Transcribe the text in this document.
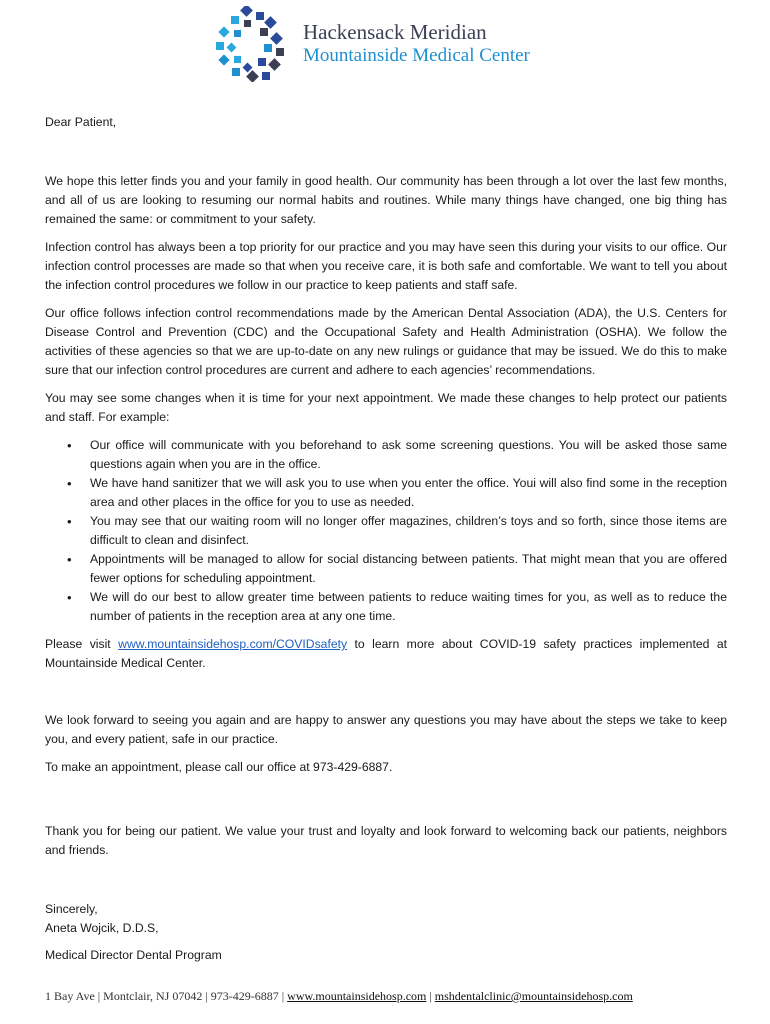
Hackensack Meridian
Mountainside Medical Center

Dear Patient,

We hope this letter finds you and your family in good health. Our community has been through a lot over the last few months, and all of us are looking to resuming our normal habits and routines. While many things have changed, one big thing has remained the same: or commitment to your safety.

Infection control has always been a top priority for our practice and you may have seen this during your visits to our office. Our infection control processes are made so that when you receive care, it is both safe and comfortable. We want to tell you about the infection control procedures we follow in our practice to keep patients and staff safe.

Our office follows infection control recommendations made by the American Dental Association (ADA), the U.S. Centers for Disease Control and Prevention (CDC) and the Occupational Safety and Health Administration (OSHA). We follow the activities of these agencies so that we are up-to-date on any new rulings or guidance that may be issued. We do this to make sure that our infection control procedures are current and adhere to each agencies’ recommendations.

You may see some changes when it is time for your next appointment. We made these changes to help protect our patients and staff. For example:

• Our office will communicate with you beforehand to ask some screening questions. You will be asked those same questions again when you are in the office.
• We have hand sanitizer that we will ask you to use when you enter the office. Youi will also find some in the reception area and other places in the office for you to use as needed.
• You may see that our waiting room will no longer offer magazines, children’s toys and so forth, since those items are difficult to clean and disinfect.
• Appointments will be managed to allow for social distancing between patients. That might mean that you are offered fewer options for scheduling appointment.
• We will do our best to allow greater time between patients to reduce waiting times for you, as well as to reduce the number of patients in the reception area at any one time.

Please visit www.mountainsidehosp.com/COVIDsafety to learn more about COVID-19 safety practices implemented at Mountainside Medical Center.

We look forward to seeing you again and are happy to answer any questions you may have about the steps we take to keep you, and every patient, safe in our practice.

To make an appointment, please call our office at 973-429-6887.

Thank you for being our patient. We value your trust and loyalty and look forward to welcoming back our patients, neighbors and friends.

Sincerely,

Aneta Wojcik, D.D.S,

Medical Director Dental Program

1 Bay Ave | Montclair, NJ 07042 | 973-429-6887 | www.mountainsidehosp.com | mshdentalclinic@mountainsidehosp.com
